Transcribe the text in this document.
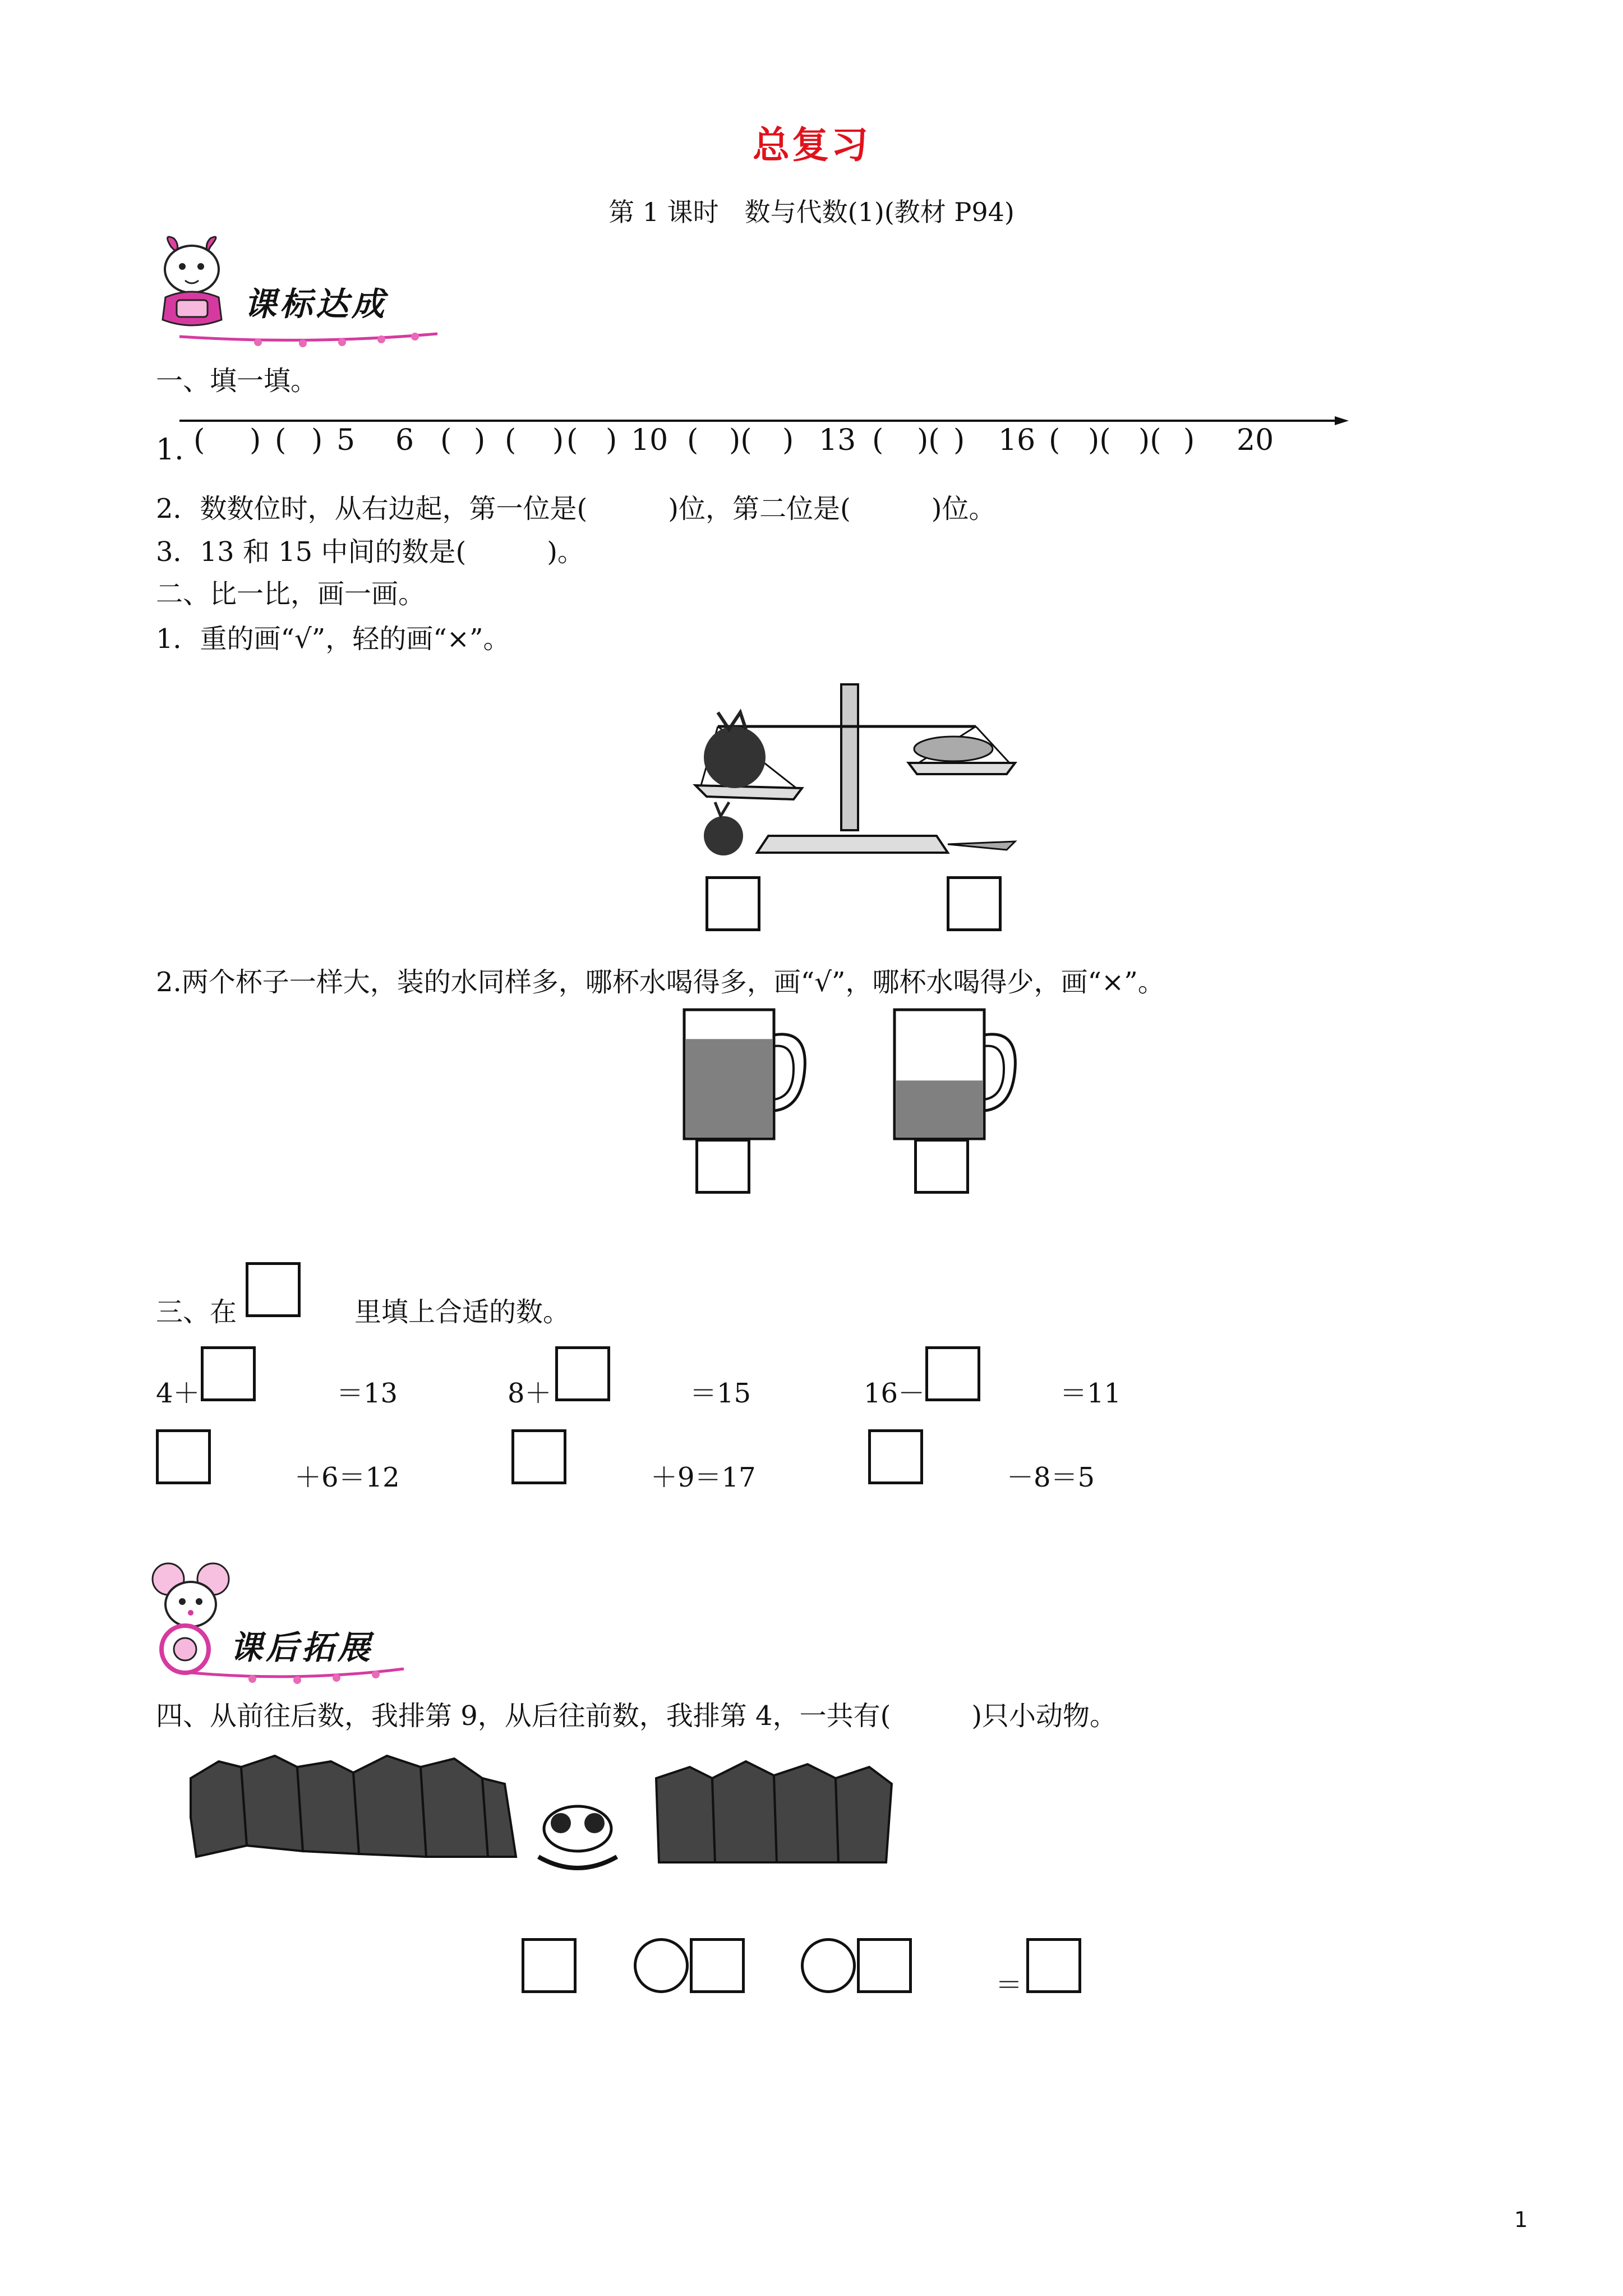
总复习
第 1 课时　数与代数(1)(教材 P94)
课标达成
一、填一填。
1. ( ) ( ) 5 6 ( ) ( ) ( ) 10 ( )( ) 13 ( )( ) 16 ( )( )( ) 20
2．数数位时，从右边起，第一位是(　　　)位，第二位是(　　　)位。
3．13 和 15 中间的数是(　　　)。
二、比一比，画一画。
1．重的画“√”，轻的画“×”。
2.两个杯子一样大，装的水同样多，哪杯水喝得多，画“√”，哪杯水喝得少，画“×”。
三、在	里填上合适的数。
4＋	＝13	8＋	＝15	16－	＝11
＋6＝12	＋9＝17	－8＝5
课后拓展
四、从前往后数，我排第 9，从后往前数，我排第 4，一共有(　　　)只小动物。
＝
1
